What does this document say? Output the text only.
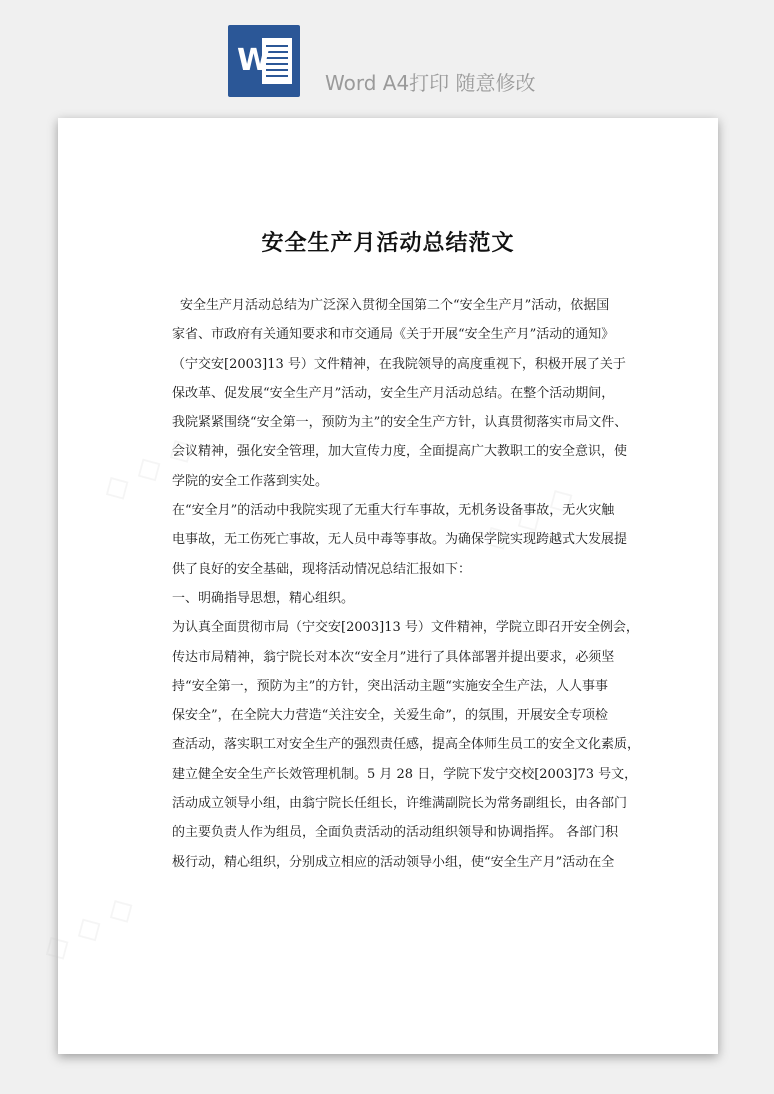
W
Word A4打印 随意修改
◇ ◇ ◇
◇ ◇ ◇
◇ ◇ ◇
安全生产月活动总结范文
安全生产月活动总结为广泛深入贯彻全国第二个“安全生产月”活动，依据国
家省、市政府有关通知要求和市交通局《关于开展“安全生产月”活动的通知》
（宁交安[2003]13 号）文件精神，在我院领导的高度重视下，积极开展了关于
保改革、促发展“安全生产月”活动，安全生产月活动总结。在整个活动期间，
我院紧紧围绕“安全第一，预防为主”的安全生产方针，认真贯彻落实市局文件、
会议精神，强化安全管理，加大宣传力度，全面提高广大教职工的安全意识，使
学院的安全工作落到实处。
在“安全月”的活动中我院实现了无重大行车事故，无机务设备事故，无火灾触
电事故，无工伤死亡事故，无人员中毒等事故。为确保学院实现跨越式大发展提
供了良好的安全基础，现将活动情况总结汇报如下：
一、明确指导思想，精心组织。
为认真全面贯彻市局（宁交安[2003]13 号）文件精神，学院立即召开安全例会，
传达市局精神，翁宁院长对本次“安全月”进行了具体部署并提出要求，必须坚
持“安全第一，预防为主”的方针，突出活动主题“实施安全生产法，人人事事
保安全”，在全院大力营造“关注安全，关爱生命”，的氛围，开展安全专项检
查活动，落实职工对安全生产的强烈责任感，提高全体师生员工的安全文化素质，
建立健全安全生产长效管理机制。5 月 28 日，学院下发宁交校[2003]73 号文，
活动成立领导小组，由翁宁院长任组长，许维满副院长为常务副组长，由各部门
的主要负责人作为组员，全面负责活动的活动组织领导和协调指挥。 各部门积
极行动，精心组织，分别成立相应的活动领导小组，使“安全生产月”活动在全
